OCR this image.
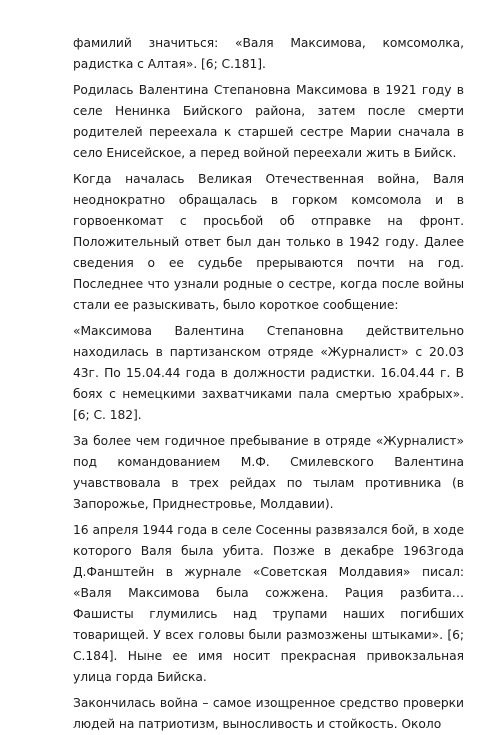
фамилий значиться: «Валя Максимова, комсомолка, радистка с Алтая». [6; С.181].

Родилась Валентина Степановна Максимова в 1921 году в селе Ненинка Бийского района, затем после смерти родителей переехала к старшей сестре Марии сначала в село Енисейское, а перед войной переехали жить в Бийск.

Когда началась Великая Отечественная война, Валя неоднократно обращалась в горком комсомола и в горвоенкомат с просьбой об отправке на фронт. Положительный ответ был дан только в 1942 году. Далее сведения о ее судьбе прерываются почти на год. Последнее что узнали родные о сестре, когда после войны стали ее разыскивать, было короткое сообщение:

«Максимова Валентина Степановна действительно находилась в партизанском отряде «Журналист» с 20.03 43г. По 15.04.44 года в должности радистки. 16.04.44 г. В боях с немецкими захватчиками пала смертью храбрых». [6; С. 182].

За более чем годичное пребывание в отряде «Журналист» под командованием М.Ф. Смилевского Валентина учавствовала в трех рейдах по тылам противника (в Запорожье, Приднестровье, Молдавии).

16 апреля 1944 года в селе Сосенны развязался бой, в ходе которого Валя была убита. Позже в декабре 1963года Д.Фанштейн в журнале «Советская Молдавия» писал: «Валя Максимова была сожжена. Рация разбита… Фашисты глумились над трупами наших погибших товарищей. У всех головы были размозжены штыками». [6; С.184]. Ныне ее имя носит прекрасная привокзальная улица горда Бийска.

Закончилась война – самое изощренное средство проверки людей на патриотизм, выносливость и стойкость. Около
